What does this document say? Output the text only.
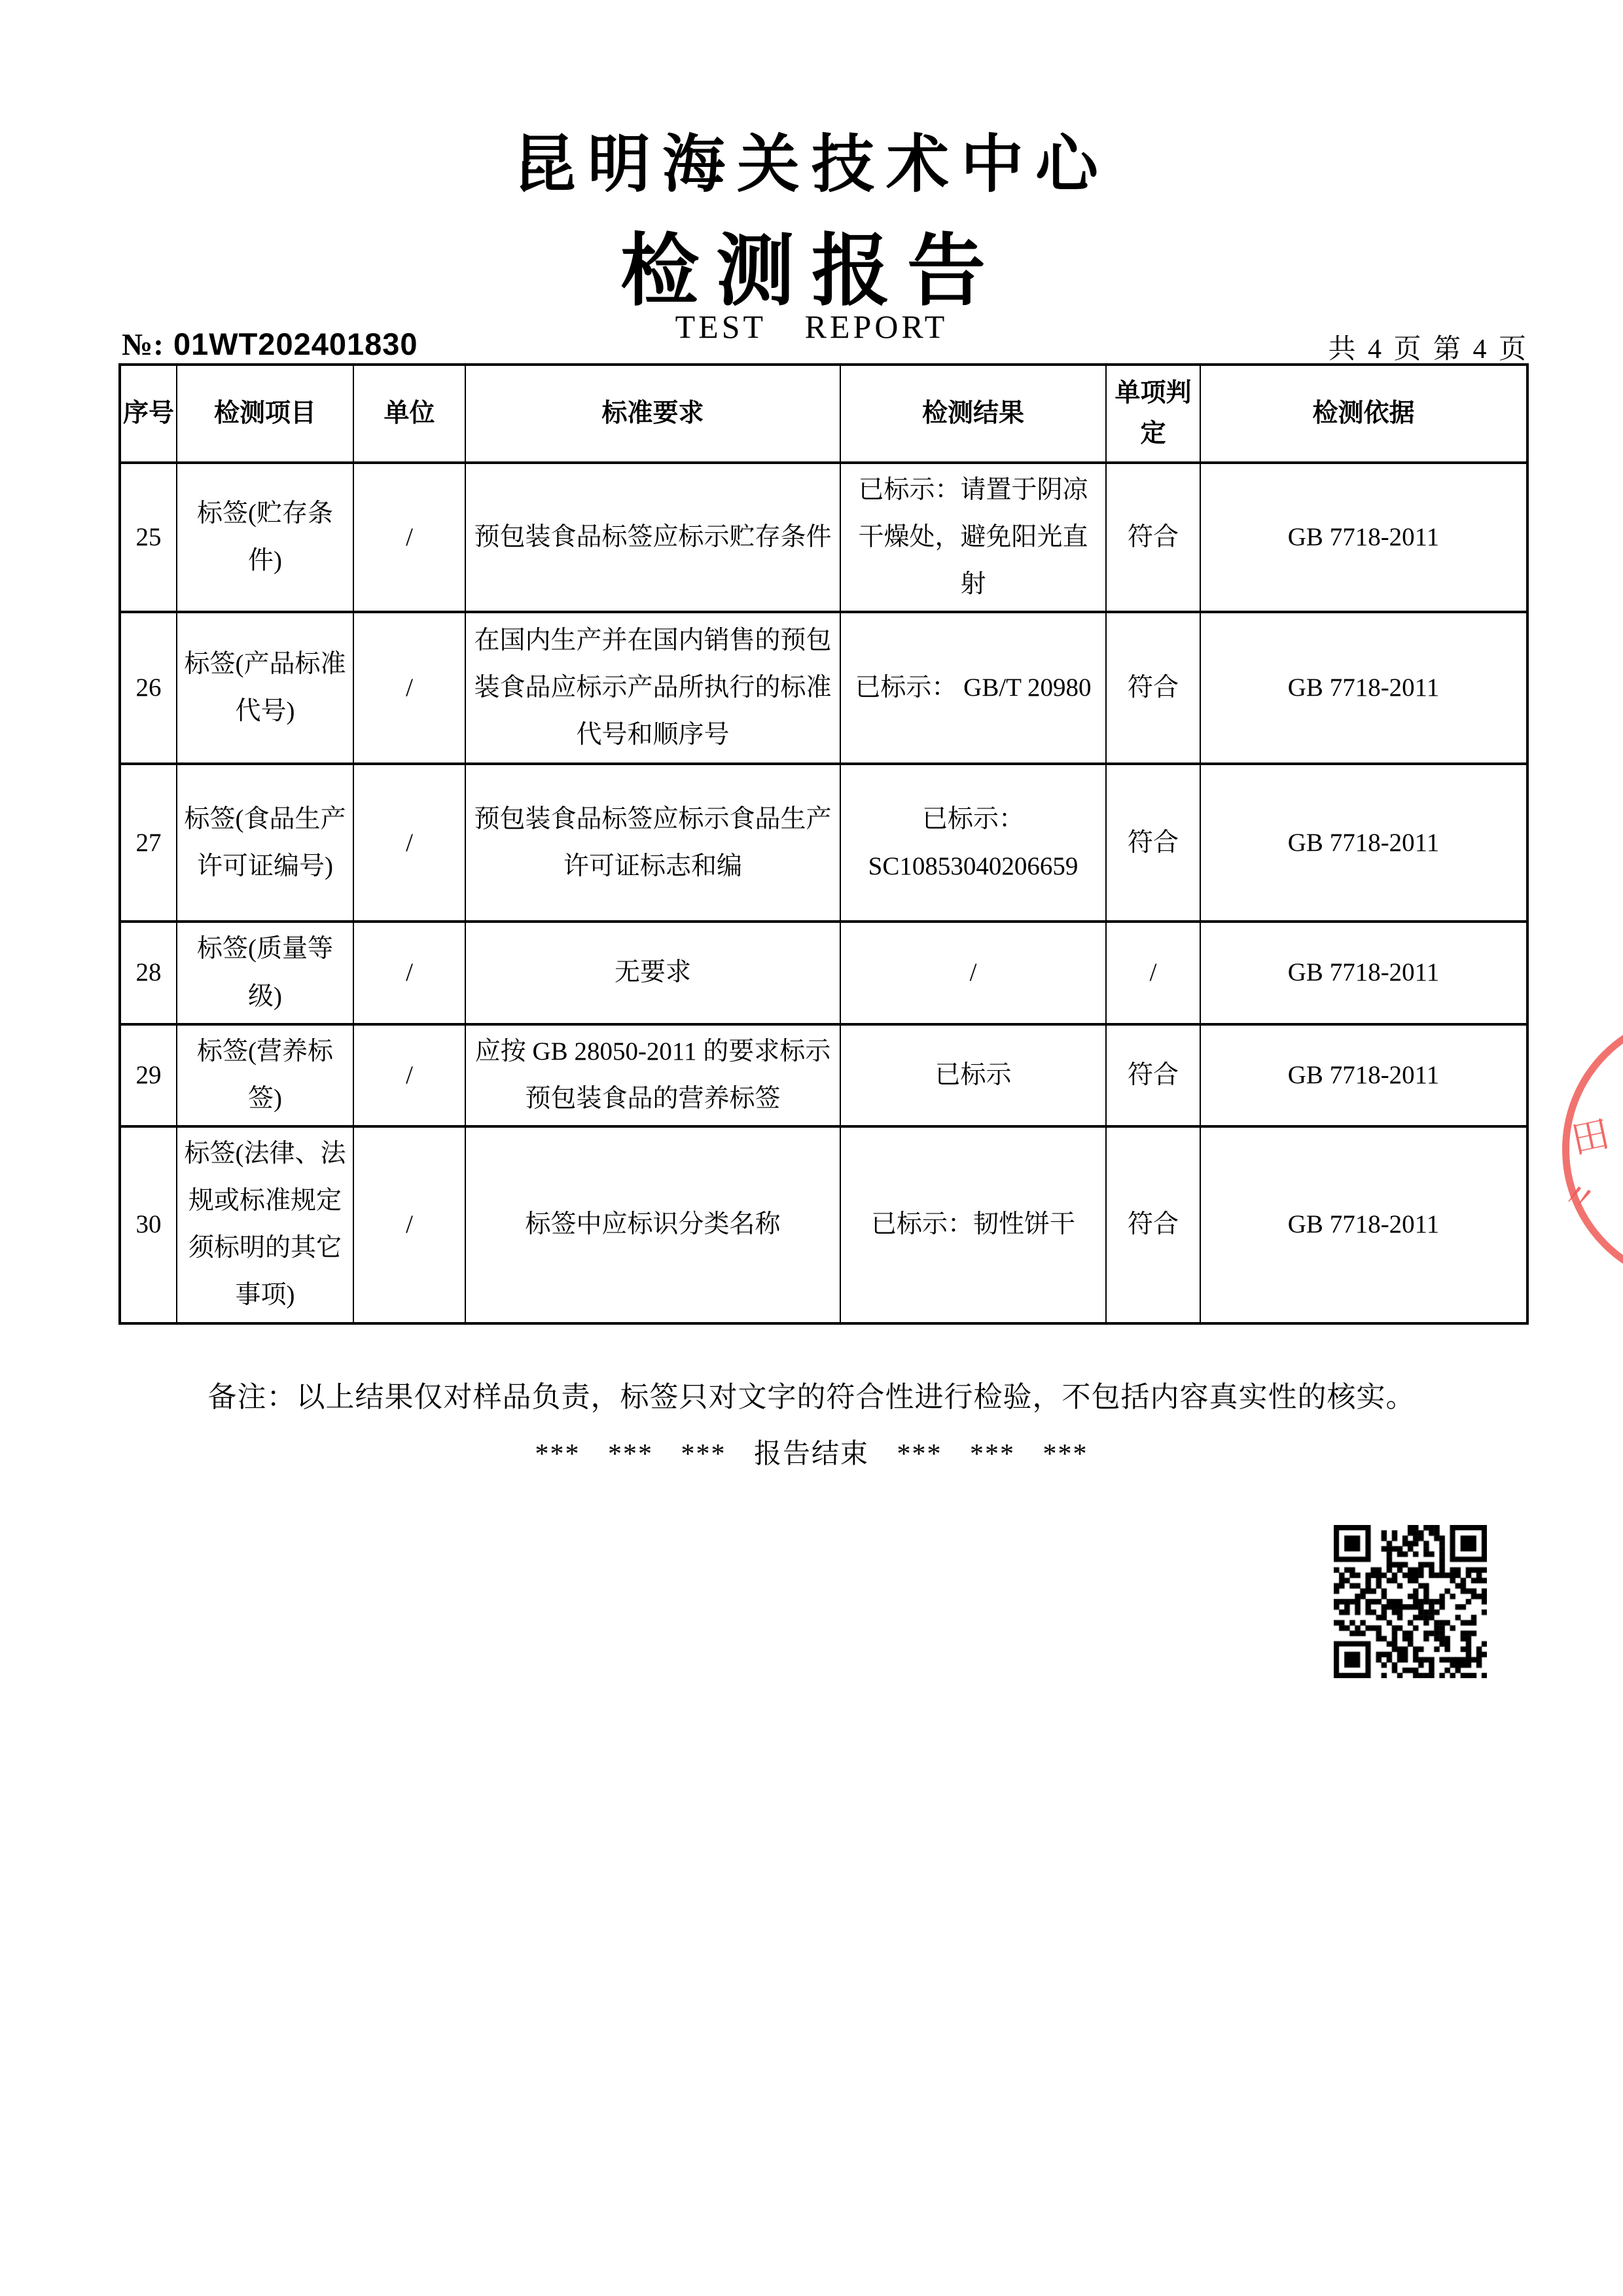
昆明海关技术中心
检测报告
TEST REPORT
№: 01WT202401830	共 4 页 第 4 页
序号	检测项目	单位	标准要求	检测结果	单项判定	检测依据
25	标签(贮存条件)	/	预包装食品标签应标示贮存条件	已标示：请置于阴凉干燥处，避免阳光直射	符合	GB 7718-2011
26	标签(产品标准代号)	/	在国内生产并在国内销售的预包装食品应标示产品所执行的标准代号和顺序号	已标示： GB/T 20980	符合	GB 7718-2011
27	标签(食品生产许可证编号)	/	预包装食品标签应标示食品生产许可证标志和编	已标示： SC10853040206659	符合	GB 7718-2011
28	标签(质量等级)	/	无要求	/	/	GB 7718-2011
29	标签(营养标签)	/	应按 GB 28050-2011 的要求标示预包装食品的营养标签	已标示	符合	GB 7718-2011
30	标签(法律、法规或标准规定须标明的其它事项)	/	标签中应标识分类名称	已标示：韧性饼干	符合	GB 7718-2011
备注：以上结果仅对样品负责，标签只对文字的符合性进行检验，不包括内容真实性的核实。
*** *** *** 报告结束 *** *** ***
田
〃
